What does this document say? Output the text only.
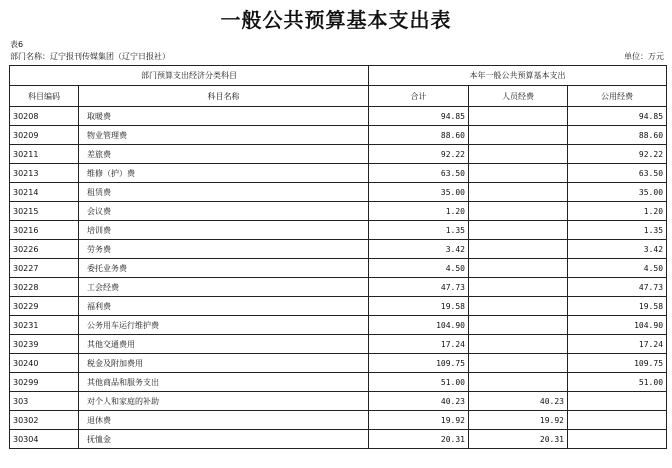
一般公共预算基本支出表
表6
部门名称：辽宁报刊传媒集团（辽宁日报社）	单位：万元
部门预算支出经济分类科目		本年一般公共预算基本支出		
科目编码	科目名称	合计	人员经费	公用经费
30208	取暖费	94.85		94.85
30209	物业管理费	88.60		88.60
30211	差旅费	92.22		92.22
30213	维修（护）费	63.50		63.50
30214	租赁费	35.00		35.00
30215	会议费	1.20		1.20
30216	培训费	1.35		1.35
30226	劳务费	3.42		3.42
30227	委托业务费	4.50		4.50
30228	工会经费	47.73		47.73
30229	福利费	19.58		19.58
30231	公务用车运行维护费	104.90		104.90
30239	其他交通费用	17.24		17.24
30240	税金及附加费用	109.75		109.75
30299	其他商品和服务支出	51.00		51.00
303	对个人和家庭的补助	40.23	40.23	
30302	退休费	19.92	19.92	
30304	抚恤金	20.31	20.31	
